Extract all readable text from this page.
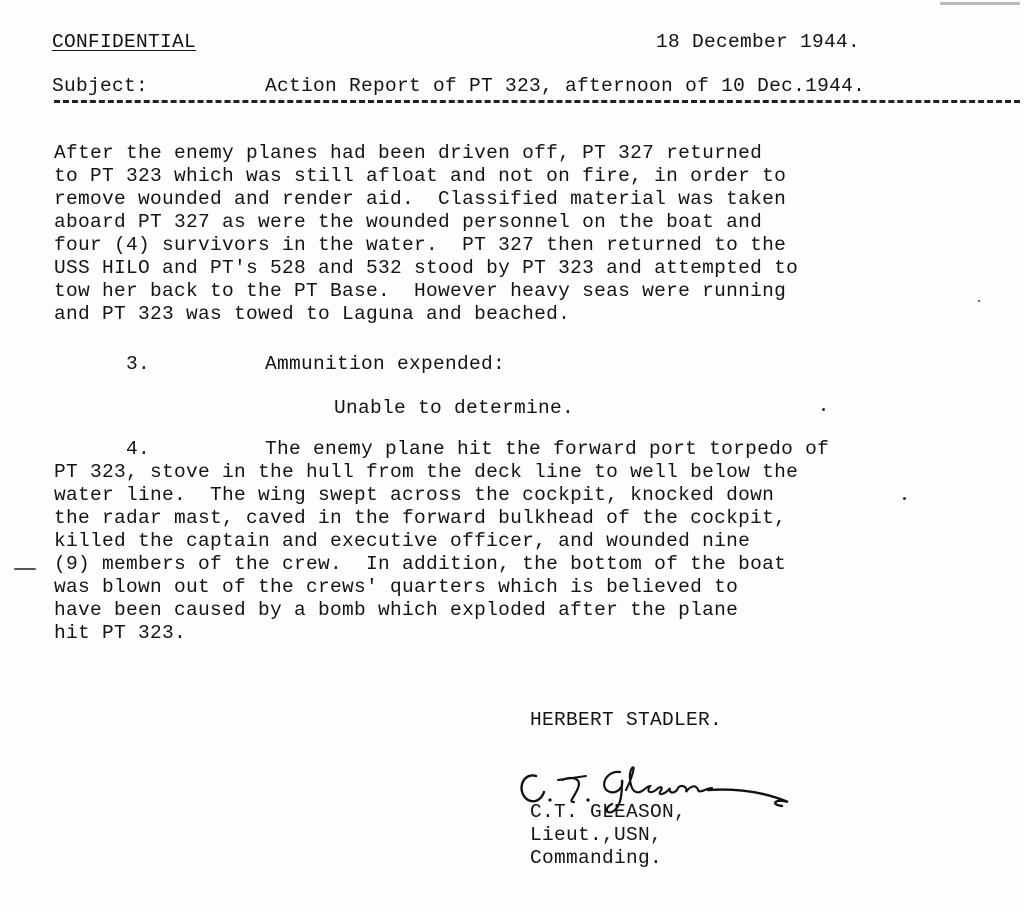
CONFIDENTIAL	18 December 1944.
Subject:	Action Report of PT 323, afternoon of 10 Dec.1944.
After the enemy planes had been driven off, PT 327 returned
to PT 323 which was still afloat and not on fire, in order to
remove wounded and render aid.  Classified material was taken
aboard PT 327 as were the wounded personnel on the boat and
four (4) survivors in the water.  PT 327 then returned to the
USS HILO and PT's 528 and 532 stood by PT 323 and attempted to
tow her back to the PT Base.  However heavy seas were running
and PT 323 was towed to Laguna and beached.
3.	Ammunition expended:
Unable to determine.
4.	The enemy plane hit the forward port torpedo of
PT 323, stove in the hull from the deck line to well below the
water line.  The wing swept across the cockpit, knocked down
the radar mast, caved in the forward bulkhead of the cockpit,
killed the captain and executive officer, and wounded nine
(9) members of the crew.  In addition, the bottom of the boat
was blown out of the crews' quarters which is believed to
have been caused by a bomb which exploded after the plane
hit PT 323.
HERBERT STADLER.
C.T. GLEASON,
Lieut.,USN,
Commanding.
